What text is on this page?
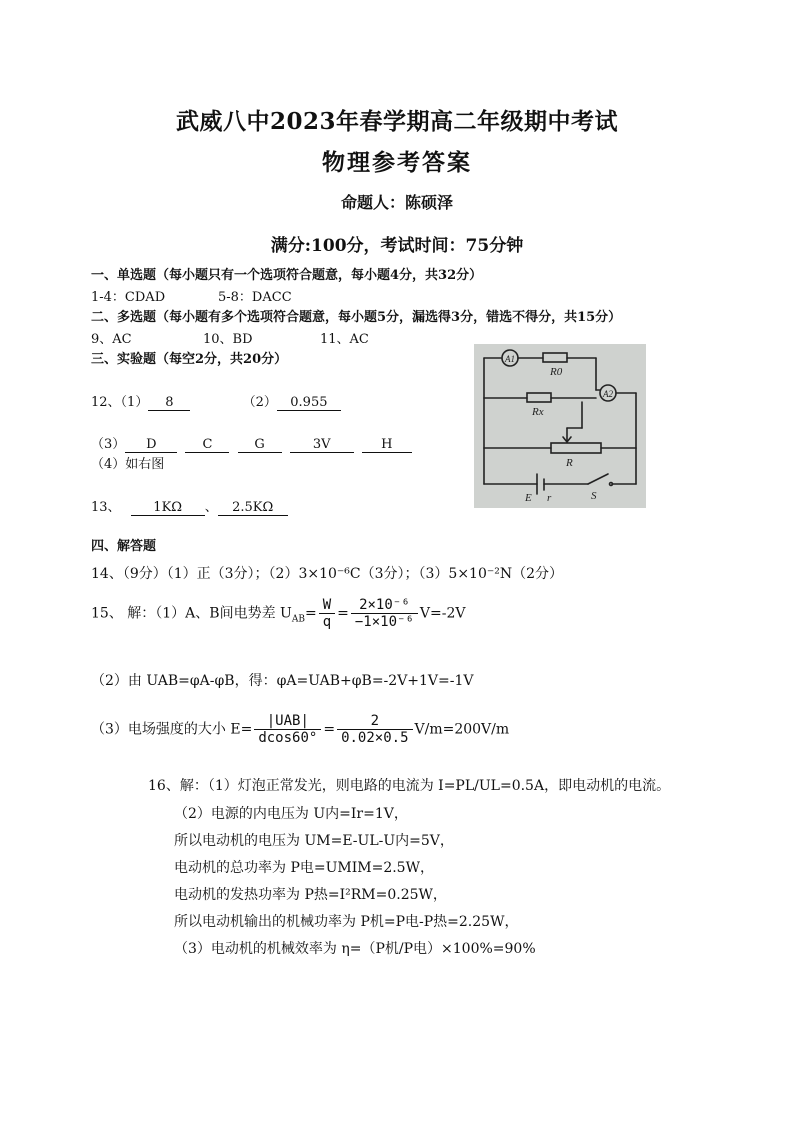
武威八中2023年春学期高二年级期中考试
物理参考答案
命题人：陈硕泽
满分:100分，考试时间：75分钟
一、单选题（每小题只有一个选项符合题意，每小题4分，共32分）
1-4：CDAD	5-8：DACC
二、多选题（每小题有多个选项符合题意，每小题5分，漏选得3分，错选不得分，共15分）
9、AC	10、BD	11、AC
三、实验题（每空2分，共20分）
12、（1） 8	（2） 0.955
（3） D	C	G	3V	H
（4）如右图
13、	1KΩ 、 2.5KΩ
A1
R0
A2
Rx
R
E r	S
四、解答题
14、（9分）（1）正（3分）；（2）3×10⁻⁶C（3分）；（3）5×10⁻²N（2分）
15、 解：（1）A、B间电势差 $U_{AB}= \frac{W}{q} = \frac{\text{2×10⁻⁶}}{\text{−1×10⁻⁶}} V=-2V$
（2）由 UAB=φA-φB，得：φA=UAB+φB=-2V+1V=-1V
（3）电场强度的大小 $E= \frac{\text{|UAB|}}{dcos60^\circ} = \frac{2}{0.02\times 0.5} V/m=200V/m$
16、解：（1）灯泡正常发光，则电路的电流为 I=PL/UL=0.5A，即电动机的电流。
（2）电源的内电压为 U内=Ir=1V，
所以电动机的电压为 UM=E-UL-U内=5V，
电动机的总功率为 P电=UMIM=2.5W，
电动机的发热功率为 P热=I²RM=0.25W，
所以电动机输出的机械功率为 P机=P电-P热=2.25W，
（3）电动机的机械效率为 η=（P机/P电）×100%=90%
